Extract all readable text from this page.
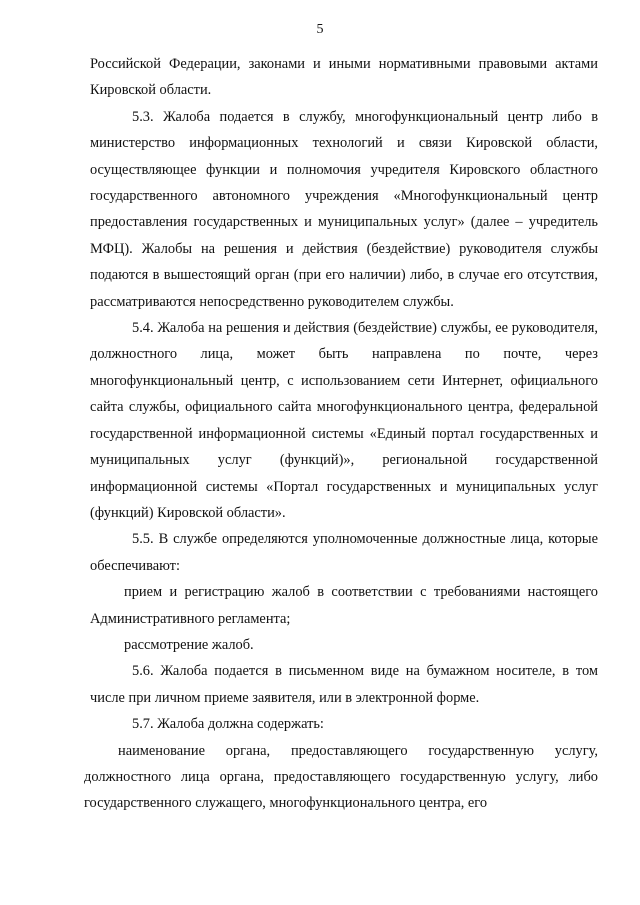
5

Российской Федерации, законами и иными нормативными правовыми актами Кировской области.

5.3. Жалоба подается в службу, многофункциональный центр либо в министерство информационных технологий и связи Кировской области, осуществляющее функции и полномочия учредителя Кировского областного государственного автономного учреждения «Многофункциональный центр предоставления государственных и муниципальных услуг» (далее – учредитель МФЦ). Жалобы на решения и действия (бездействие) руководителя службы подаются в вышестоящий орган (при его наличии) либо, в случае его отсутствия, рассматриваются непосредственно руководителем службы.

5.4. Жалоба на решения и действия (бездействие) службы, ее руководителя, должностного лица, может быть направлена по почте, через многофункциональный центр, с использованием сети Интернет, официального сайта службы, официального сайта многофункционального центра, федеральной государственной информационной системы «Единый портал государственных и муниципальных услуг (функций)», региональной государственной информационной системы «Портал государственных и муниципальных услуг (функций) Кировской области».

5.5. В службе определяются уполномоченные должностные лица, которые обеспечивают:

прием и регистрацию жалоб в соответствии с требованиями настоящего Административного регламента;

рассмотрение жалоб.

5.6. Жалоба подается в письменном виде на бумажном носителе, в том числе при личном приеме заявителя, или в электронной форме.

5.7. Жалоба должна содержать:

наименование органа, предоставляющего государственную услугу, должностного лица органа, предоставляющего государственную услугу, либо государственного служащего, многофункционального центра, его
